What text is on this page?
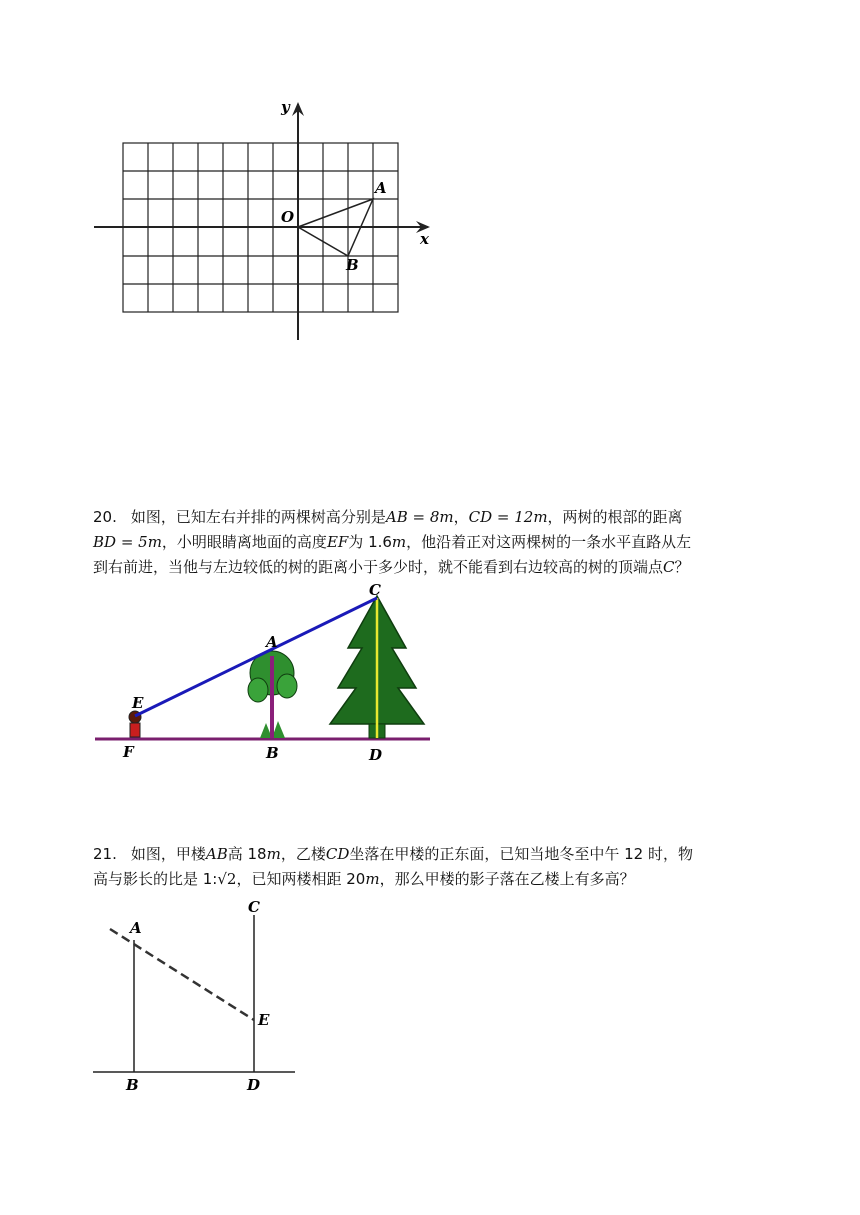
y
x
O
A
B
20. 如图，已知左右并排的两棵树高分别是AB = 8m，CD = 12m，两树的根部的距离
BD = 5m，小明眼睛离地面的高度EF为 1.6m，他沿着正对这两棵树的一条水平直路从左
到右前进，当他与左边较低的树的距离小于多少时，就不能看到右边较高的树的顶端点C？
C
A
E
F	B	D
21. 如图，甲楼AB高 18m，乙楼CD坐落在甲楼的正东面，已知当地冬至中午 12 时，物
高与影长的比是 1:√2，已知两楼相距 20m，那么甲楼的影子落在乙楼上有多高？
A
C
E
B	D
